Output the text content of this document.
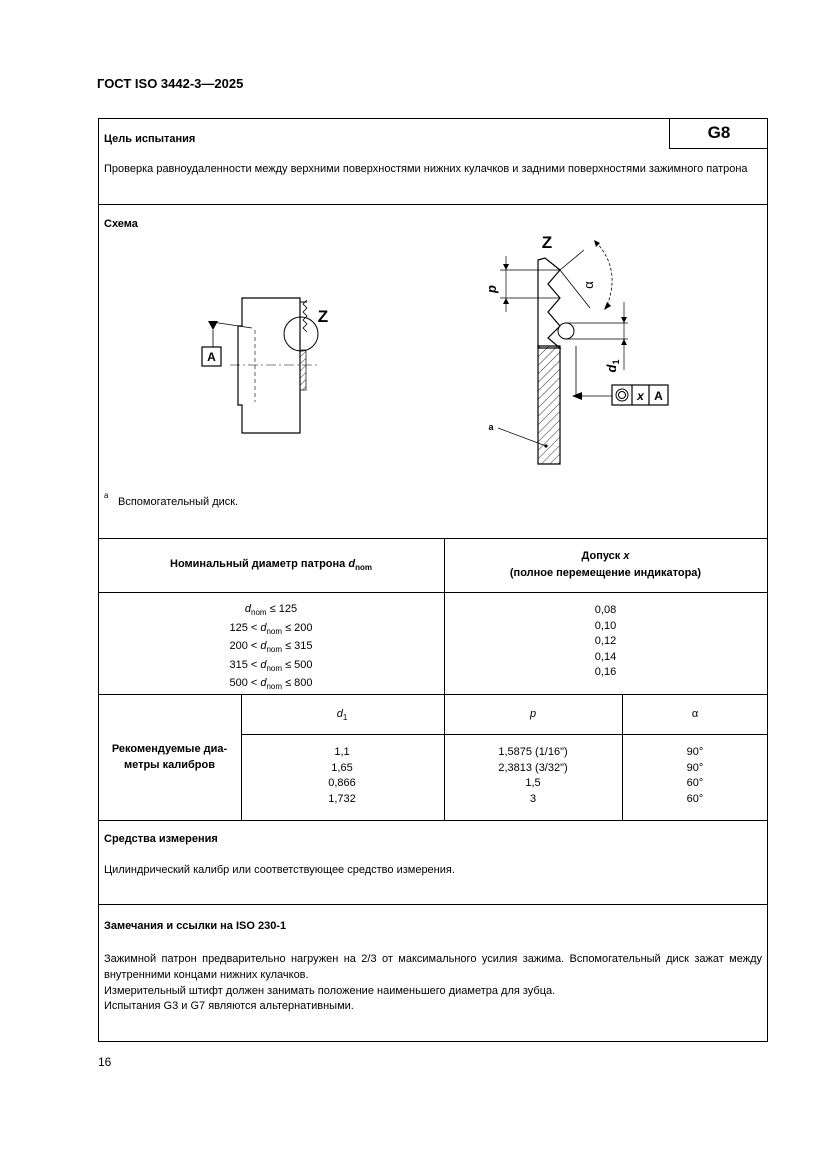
ГОСТ ISO 3442-3—2025
G8
Цель испытания
Проверка равноудаленности между верхними поверхностями нижних кулачков и задними поверхностями зажимного патрона
Схема
A
Z
Z
α
p
$d_1$
x A
a
а
Вспомогательный диск.
Номинальный диаметр патрона $d_{nom}$
Допуск x
(полное перемещение индикатора)
$d_{nom} \le 125$
$125 < d_{nom} \le 200$
$200 < d_{nom} \le 315$
$315 < d_{nom} \le 500$
$500 < d_{nom} \le 800$
0,08
0,10
0,12
0,14
0,16
Рекомендуемые диа-
метры калибров
$d_1$	p	α
1,1
1,65
0,866
1,732
1,5875 (1/16")
2,3813 (3/32")
1,5
3
90°
90°
60°
60°
Средства измерения
Цилиндрический калибр или соответствующее средство измерения.
Замечания и ссылки на ISO 230-1
Зажимной патрон предварительно нагружен на 2/3 от максимального усилия зажима. Вспомогательный диск зажат между внутренними концами нижних кулачков.
Измерительный штифт должен занимать положение наименьшего диаметра для зубца.
Испытания G3 и G7 являются альтернативными.
16
